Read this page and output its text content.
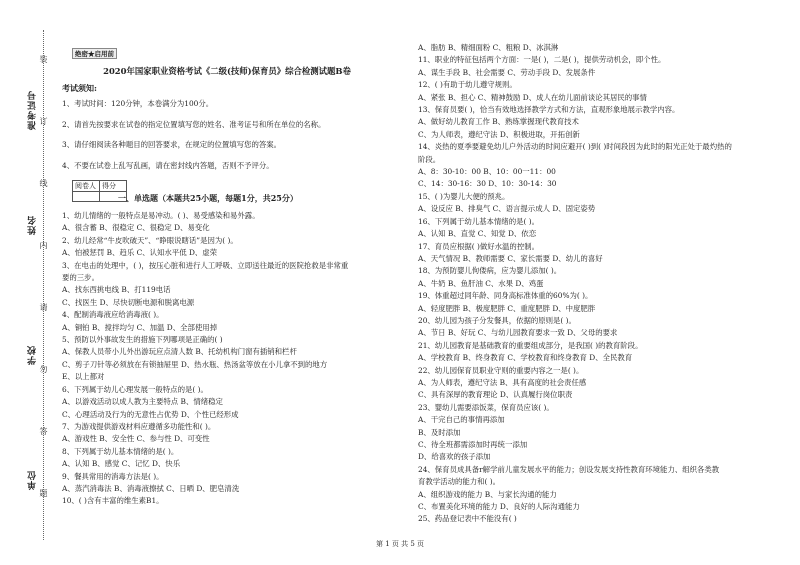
准考证号
姓名
学校
单位
装
订
线
内
请
勿
答
题
绝密★启用前
2020年国家职业资格考试《二级(技师)保育员》综合检测试题B卷
考试须知:
1、考试时间：120分钟，本卷满分为100分。
2、请首先按要求在试卷的指定位置填写您的姓名、准考证号和所在单位的名称。
3、请仔细阅读各种题目的回答要求，在规定的位置填写您的答案。
4、不要在试卷上乱写乱画，请在密封线内答题，否则不予评分。
阅卷人	得分

一、单选题（本题共25小题，每题1分，共25分）
1、幼儿情绪的一般特点是易冲动。( )、易受感染和易外露。
A、很含蓄 B、很稳定 C、很稳定 D、易变化
2、幼儿经常“牛皮吹破天”、“睁眼说瞎话”是因为( )。
A、怕被惩罚 B、趋乐 C、认知水平低 D、虚荣
3、在电击的处理中，( )，按压心脏和进行人工呼吸、立即送往最近的医院抢救是非常重
要的三步。
A、找东西挑电线 B、打119电话
C、找医生 D、尽快切断电源和脱离电源
4、配制消毒液应给消毒液( )。
A、铜铂 B、搅拌均匀 C、加温 D、全部使用掉
5、预防以外事故发生的措施下列哪项是正确的( )
A、保教人员带小儿外出游玩应点清人数 B、托幼机构门窗有插销和栏杆
C、剪子刀针等必须放在有锁抽屉里 D、热水瓶、热汤盆等放在小儿拿不到的地方
E、以上都对
6、下列属于幼儿心理发展一般特点的是( )。
A、以游戏活动以成人教为主要特点 B、情绪稳定
C、心理活动及行为的无意性占优势 D、个性已经形成
7、为游戏提供游戏材料应遵循多功能性和( )。
A、游戏性 B、安全性 C、参与性 D、可变性
8、下列属于幼儿基本情绪的是( )。
A、认知 B、感觉 C、记忆 D、快乐
9、餐具常用的消毒方法是( )。
A、蒸汽消毒法 B、消毒液擦拭 C、日晒 D、肥皂清洗
10、( )含有丰富的维生素B1。
A、脂肪 B、精细面粉 C、粗粮 D、冰淇淋
11、职业的特征包括两个方面：一是( )，二是( )，提供劳动机会，即个性。
A、谋生手段 B、社会需要 C、劳动手段 D、发展条件
12、( )有助于幼儿遵守规则。
A、紧张 B、担心 C、精神鼓励 D、成人在幼儿面前谈论其居民的事情
13、保育员要( )，恰当有效地选择教学方式和方法，直观形象地展示教学内容。
A、做好幼儿教育工作 B、熟练掌握现代教育技术
C、为人师表，遵纪守法 D、积极进取，开拓创新
14、炎热的夏季要避免幼儿户外活动的时间应避开( )到( )时间段因为此时的阳光正处于最灼热的
阶段。
A、8：30-10：00 B、10：00一11：00
C、14：30-16：30 D、10：30-14：30
15、( )为婴儿大便的预兆。
A、设反应 B、排臭气 C、语言提示成人 D、固定姿势
16、下列属于幼儿基本情绪的是( )。
A、认知 B、直觉 C、知觉 D、依恋
17、育员应根据( )做好水温的控制。
A、天气情况 B、教师需要 C、家长需要 D、幼儿的喜好
18、为预防婴儿佝偻病，应为婴儿添加( )。
A、牛奶 B、鱼肝油 C、水果 D、鸡蛋
19、体重超过同年龄、同身高标准体重的60%为( )。
A、轻度肥胖 B、极度肥胖 C、重度肥胖 D、中度肥胖
20、幼儿园为孩子分发餐具，依据的原则是( )。
A、节日 B、好玩 C、与幼儿园教育要求一致 D、父母的要求
21、幼儿园教育是基础教育的重要组成部分，是我国( )的教育阶段。
A、学校教育 B、终身教育 C、学校教育和终身教育 D、全民教育
22、幼儿园保育员职业守则的重要内容之一是( )。
A、为人师表，遵纪守法 B、具有高度的社会责任感
C、具有深厚的教育理论 D、认真履行岗位职责
23、婴幼儿需要添饭菜，保育员应该( )。
A、干完自己的事情再添加
B、及时添加
C、待全班都需添加时再统一添加
D、给喜欢的孩子添加
24、保育员成具备r解学前儿童发展水平的能力；创设发展支持性教育环境能力、组织各类教
育教学活动的能力和( )。
A、组织游戏的能力 B、与家长沟通的能力
C、布置美化环境的能力 D、良好的人际沟通能力
25、药品登记表中不能没有( )
第 1 页 共 5 页
